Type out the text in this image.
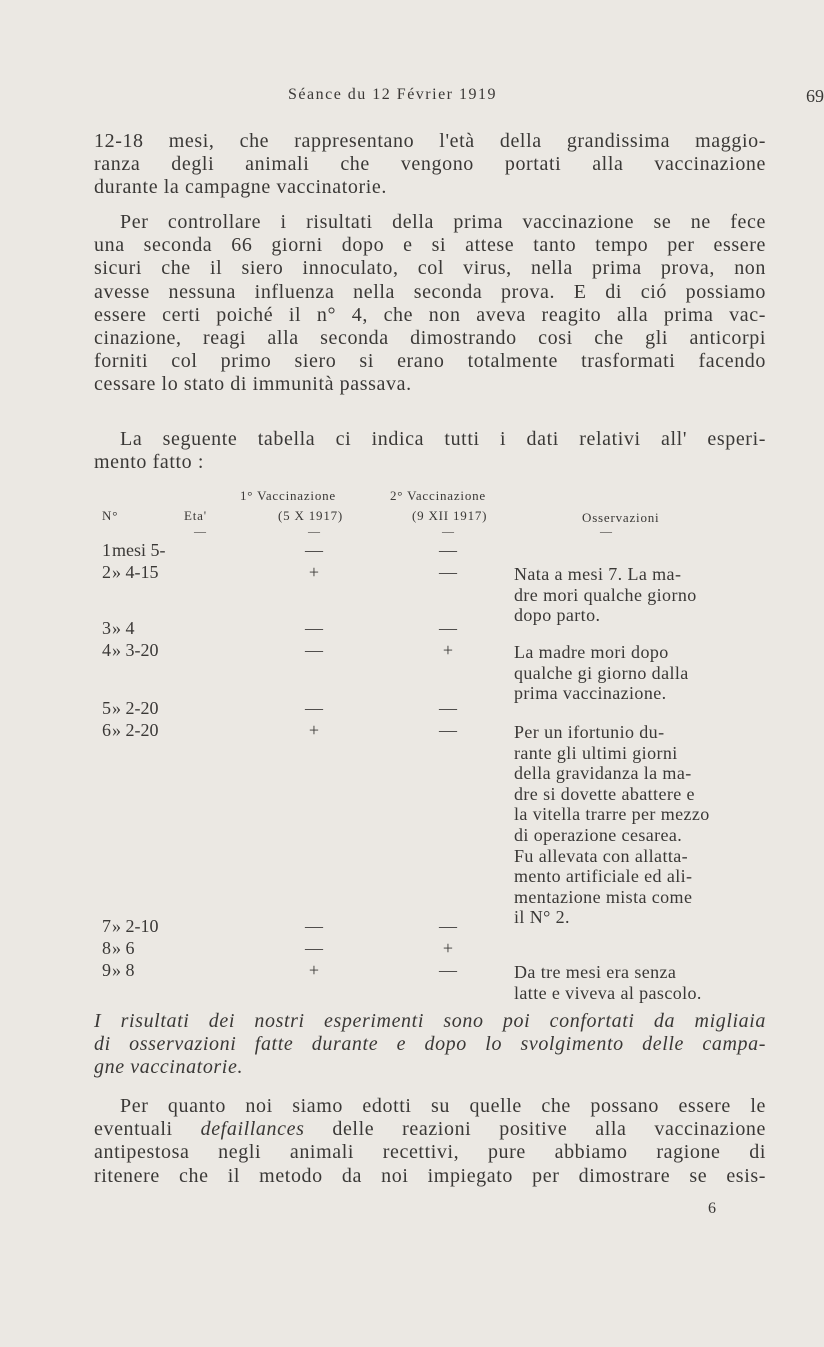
Séance du 12 Février 1919	69
12-18 mesi, che rappresentano l'età della grandissima maggio-
ranza degli animali che vengono portati alla vaccinazione
durante la campagne vaccinatorie.
Per controllare i risultati della prima vaccinazione se ne fece
una seconda 66 giorni dopo e si attese tanto tempo per essere
sicuri che il siero innoculato, col virus, nella prima prova, non
avesse nessuna influenza nella seconda prova. E di ció possiamo
essere certi poiché il n° 4, che non aveva reagito alla prima vac-
cinazione, reagi alla seconda dimostrando cosi che gli anticorpi
forniti col primo siero si erano totalmente trasformati facendo
cessare lo stato di immunità passava.
La seguente tabella ci indica tutti i dati relativi all' esperi-
mento fatto :
1° Vaccinazione	2° Vaccinazione
N°	Eta'	(5 X 1917)	(9 XII 1917)	Osservazioni
—	—	—	—
1 mesi 5-	—	—
2 » 4-15	+	—	Nata a mesi 7. La ma-
dre mori qualche giorno
dopo parto.
3 » 4	—	—
4 » 3-20	—	+	La madre mori dopo
qualche gi giorno dalla
prima vaccinazione.
5 » 2-20	—	—
6 » 2-20	+	—	Per un ifortunio du-
rante gli ultimi giorni
della gravidanza la ma-
dre si dovette abattere e
la vitella trarre per mezzo
di operazione cesarea.
Fu allevata con allatta-
mento artificiale ed ali-
mentazione mista come
il N° 2.
7 » 2-10	—	—
8 » 6	—	+
9 » 8	+	—	Da tre mesi era senza
latte e viveva al pascolo.
I risultati dei nostri esperimenti sono poi confortati da migliaia
di osservazioni fatte durante e dopo lo svolgimento delle campa-
gne vaccinatorie.
Per quanto noi siamo edotti su quelle che possano essere le
eventuali defaillances delle reazioni positive alla vaccinazione
antipestosa negli animali recettivi, pure abbiamo ragione di
ritenere che il metodo da noi impiegato per dimostrare se esis-
6
